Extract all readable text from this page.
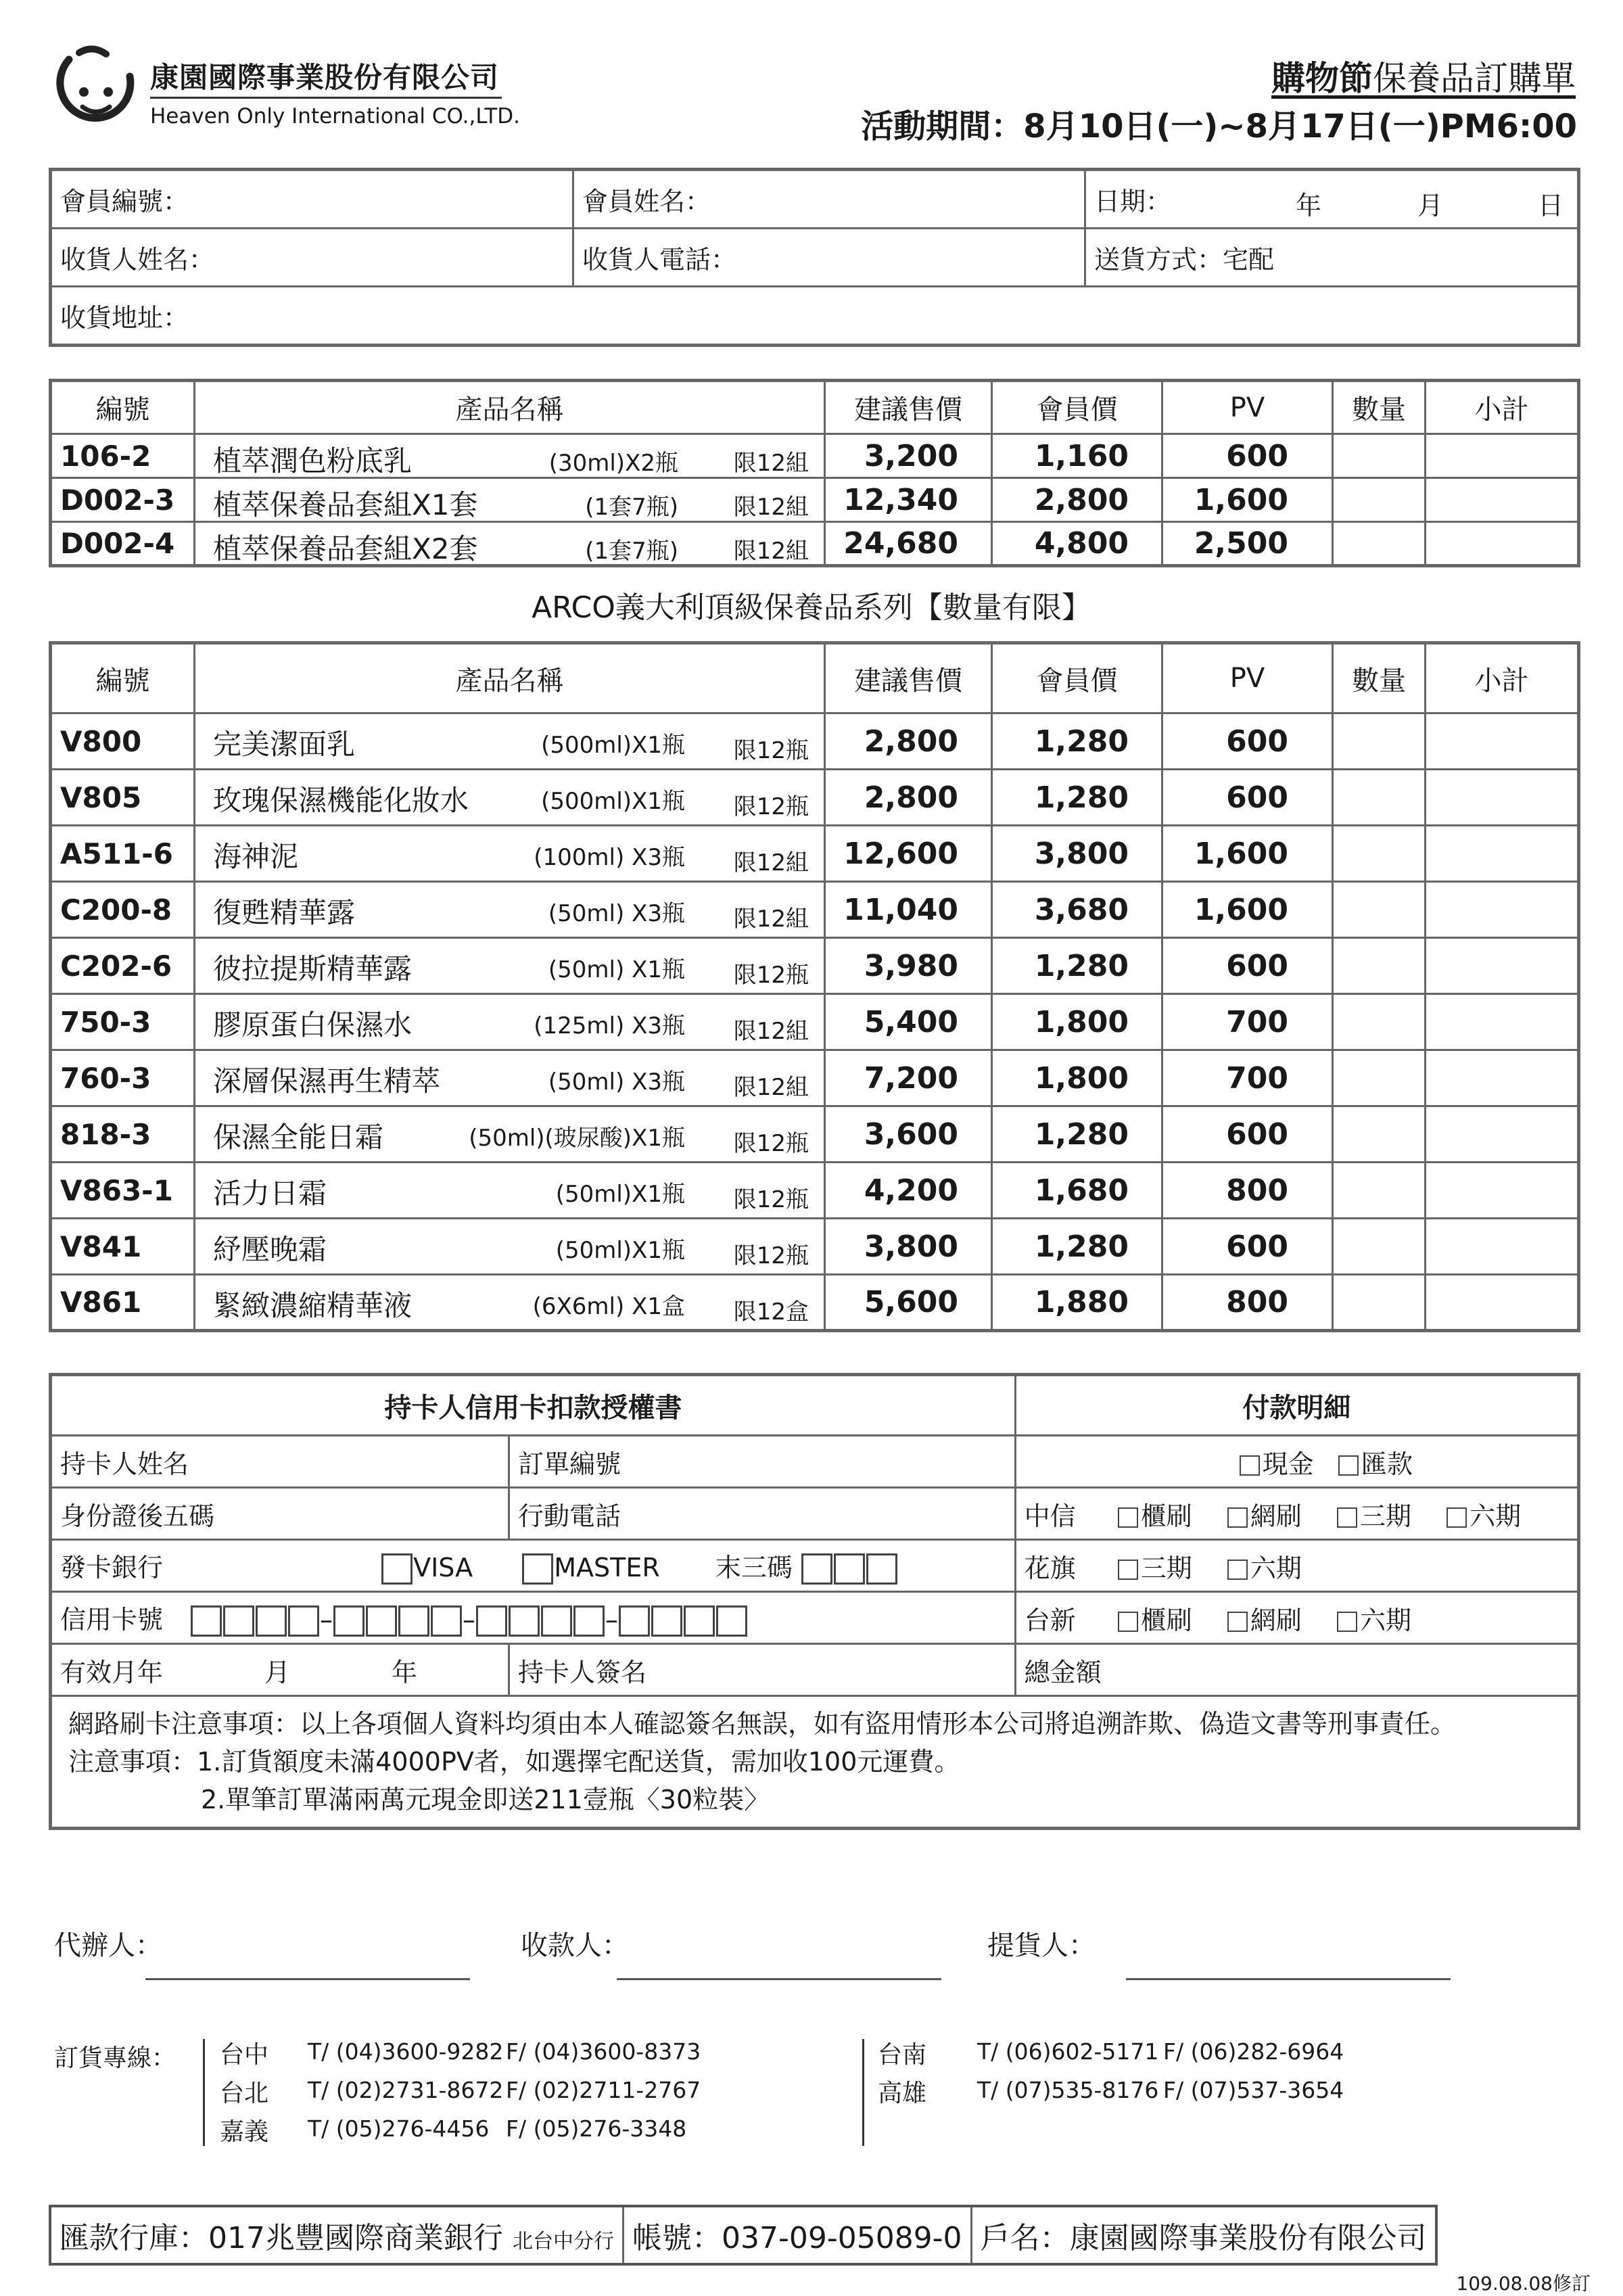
康園國際事業股份有限公司
Heaven Only International CO.,LTD.
購物節保養品訂購單
活動期間：8月10日(一)~8月17日(一)PM6:00
會員編號：	會員姓名：	日期： 年 月 日

收貨人姓名：	收貨人電話：	送貨方式：宅配
收貨地址：		
編號	產品名稱	建議售價	會員價	PV	數量	小計
106-2	植萃潤色粉底乳 (30ml)X2瓶 限12組	3,200	1,160	600		
D002-3	植萃保養品套組X1套 (1套7瓶) 限12組	12,340	2,800	1,600		
D002-4	植萃保養品套組X2套 (1套7瓶) 限12組	24,680	4,800	2,500		
ARCO義大利頂級保養品系列【數量有限】
編號	產品名稱	建議售價	會員價	PV	數量	小計
V800	完美潔面乳 (500ml)X1瓶 限12瓶	2,800	1,280	600		
V805	玫瑰保濕機能化妝水 (500ml)X1瓶 限12瓶	2,800	1,280	600		
A511-6	海神泥 (100ml) X3瓶 限12組	12,600	3,800	1,600		
C200-8	復甦精華露 (50ml) X3瓶 限12組	11,040	3,680	1,600		
C202-6	彼拉提斯精華露 (50ml) X1瓶 限12瓶	3,980	1,280	600		
750-3	膠原蛋白保濕水 (125ml) X3瓶 限12組	5,400	1,800	700		
760-3	深層保濕再生精萃 (50ml) X3瓶 限12組	7,200	1,800	700		
818-3	保濕全能日霜 (50ml)(玻尿酸)X1瓶 限12瓶	3,600	1,280	600		
V863-1	活力日霜 (50ml)X1瓶 限12瓶	4,200	1,680	800		
V841	紓壓晚霜 (50ml)X1瓶 限12瓶	3,800	1,280	600		
V861	緊緻濃縮精華液 (6X6ml) X1盒 限12盒	5,600	1,880	800		
持卡人信用卡扣款授權書		付款明細
持卡人姓名	訂單編號	現金 匯款
身份證後五碼	行動電話	中信 櫃刷 網刷 三期 六期
發卡銀行 VISA MASTER 末三碼		花旗 三期 六期
信用卡號 – – –		台新 櫃刷 網刷 六期
有效月年 月 年	持卡人簽名	總金額

網路刷卡注意事項：以上各項個人資料均須由本人確認簽名無誤，如有盜用情形本公司將追溯詐欺、偽造文書等刑事責任。
注意事項：1.訂貨額度未滿4000PV者，如選擇宅配送貨，需加收100元運費。
2.單筆訂單滿兩萬元現金即送211壹瓶〈30粒裝〉		
代辦人：	收款人：	提貨人：
訂貨專線： 台中 T/ (04)3600-9282 F/ (04)3600-8373
台北 T/ (02)2731-8672 F/ (02)2711-2767
嘉義 T/ (05)276-4456 F/ (05)276-3348
台南 T/ (06)602-5171 F/ (06)282-6964
高雄 T/ (07)535-8176 F/ (07)537-3654
匯款行庫：017兆豐國際商業銀行 北台中分行	帳號：037-09-05089-0	戶名：康園國際事業股份有限公司
109.08.08修訂
